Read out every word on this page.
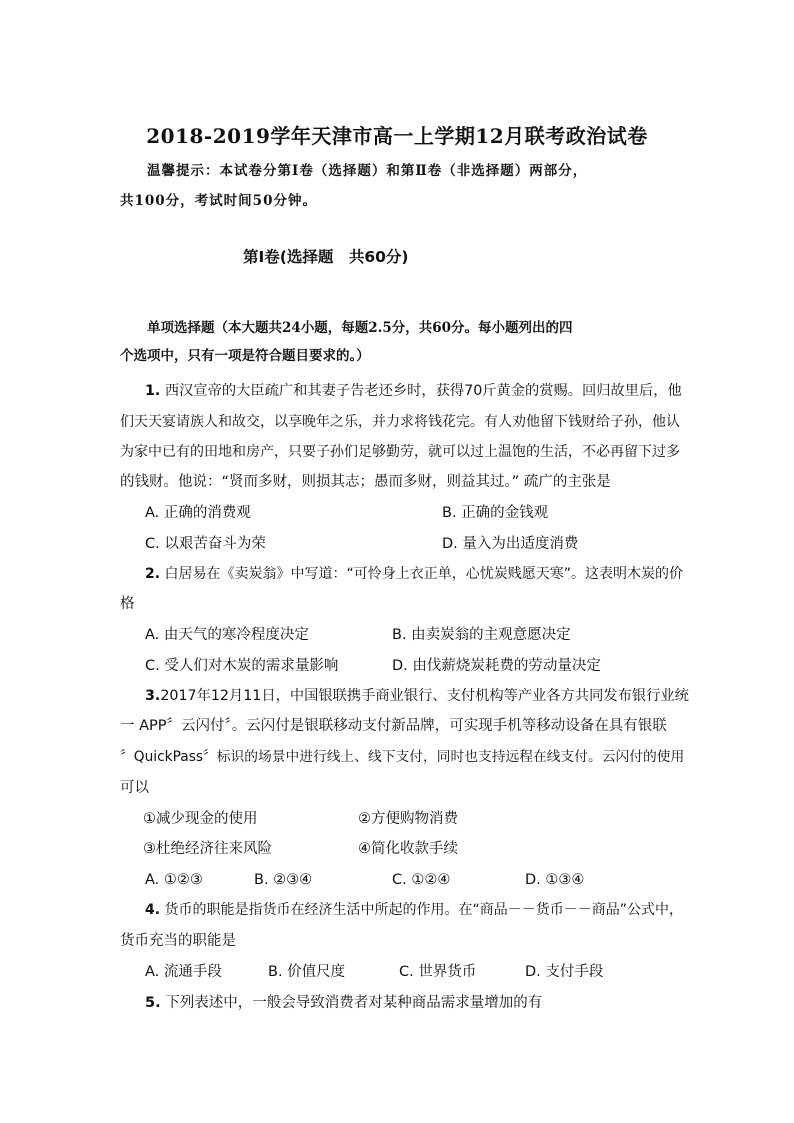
2018-2019学年天津市高一上学期12月联考政治试卷
温馨提示：本试卷分第Ⅰ卷（选择题）和第Ⅱ卷（非选择题）两部分，
共100分，考试时间50分钟。
第Ⅰ卷(选择题　共60分)
单项选择题（本大题共24小题，每题2.5分，共60分。每小题列出的四
个选项中，只有一项是符合题目要求的。）
1. 西汉宣帝的大臣疏广和其妻子告老还乡时，获得70斤黄金的赏赐。回归故里后，他
们天天宴请族人和故交，以享晚年之乐，并力求将钱花完。有人劝他留下钱财给子孙，他认
为家中已有的田地和房产，只要子孙们足够勤劳，就可以过上温饱的生活，不必再留下过多
的钱财。他说：“贤而多财，则损其志；愚而多财，则益其过。” 疏广的主张是
A. 正确的消费观	B. 正确的金钱观
C. 以艰苦奋斗为荣	D. 量入为出适度消费
2. 白居易在《卖炭翁》中写道：“可怜身上衣正单，心忧炭贱愿天寒”。这表明木炭的价
格
A. 由天气的寒冷程度决定	B. 由卖炭翁的主观意愿决定
C. 受人们对木炭的需求量影响	D. 由伐薪烧炭耗费的劳动量决定
3.2017年12月11日，中国银联携手商业银行、支付机构等产业各方共同发布银行业统
一 APP〞云闪付〞。云闪付是银联移动支付新品牌，可实现手机等移动设备在具有银联
〞QuickPass〞标识的场景中进行线上、线下支付，同时也支持远程在线支付。云闪付的使用
可以
①减少现金的使用	②方便购物消费
③杜绝经济往来风险	④简化收款手续
A. ①②③	B. ②③④	C. ①②④	D. ①③④
4. 货币的职能是指货币在经济生活中所起的作用。在“商品－－货币－－商品”公式中，
货币充当的职能是
A. 流通手段	B. 价值尺度	C. 世界货币	D. 支付手段
5. 下列表述中，一般会导致消费者对某种商品需求量增加的有
